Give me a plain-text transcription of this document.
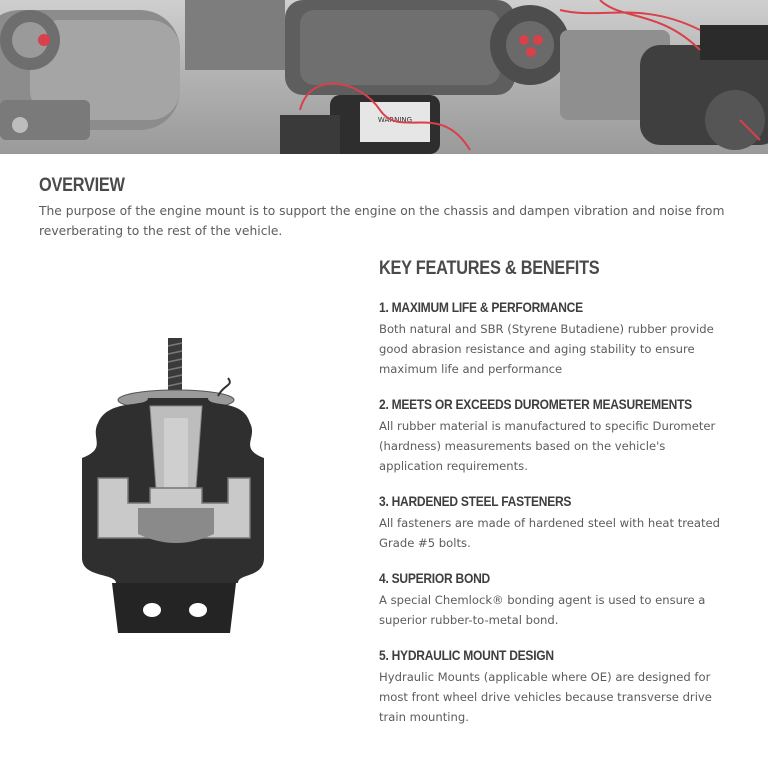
WARNING
OVERVIEW
The purpose of the engine mount is to support the engine on the chassis and dampen vibration and noise from reverberating to the rest of the vehicle.
KEY FEATURES & BENEFITS
1. MAXIMUM LIFE & PERFORMANCE
Both natural and SBR (Styrene Butadiene) rubber provide good abrasion resistance and aging stability to ensure maximum life and performance
2. MEETS OR EXCEEDS DUROMETER MEASUREMENTS
All rubber material is manufactured to specific Durometer (hardness) measurements based on the vehicle's application requirements.
3. HARDENED STEEL FASTENERS
All fasteners are made of hardened steel with heat treated Grade #5 bolts.
4. SUPERIOR BOND
A special Chemlock® bonding agent is used to ensure a superior rubber-to-metal bond.
5. HYDRAULIC MOUNT DESIGN
Hydraulic Mounts (applicable where OE) are designed for most front wheel drive vehicles because transverse drive train mounting.
